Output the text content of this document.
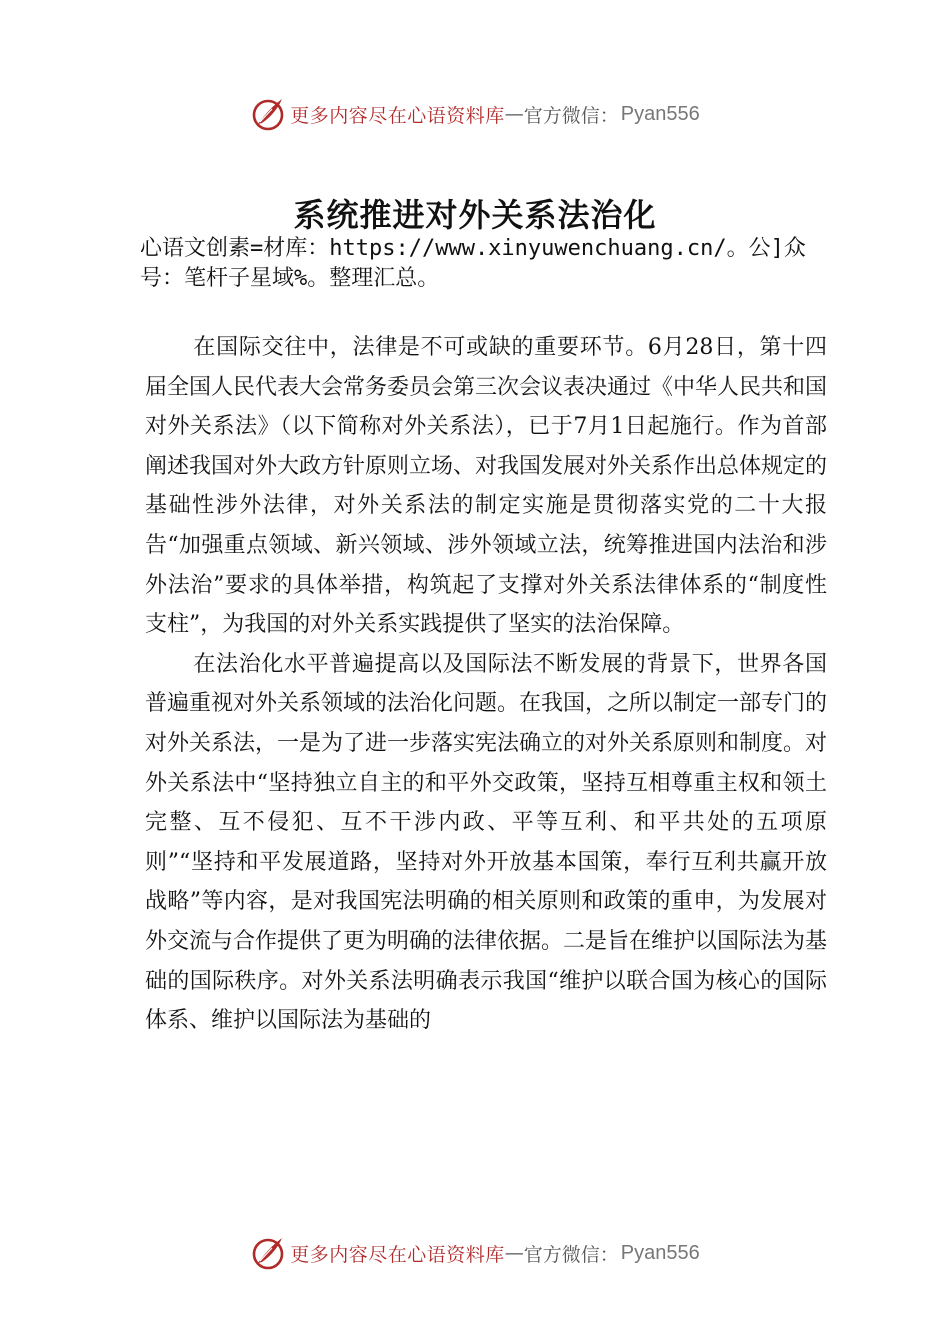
更多内容尽在心语资料库 — 官方微信： Pyan556
系统推进对外关系法治化

心语文创素=材库：https://www.xinyuwenchuang.cn/。公]众号：笔杆子星域%。整理汇总。

在国际交往中，法律是不可或缺的重要环节。6月28日，第十四届全国人民代表大会常务委员会第三次会议表决通过《中华人民共和国对外关系法》（以下简称对外关系法），已于7月1日起施行。作为首部阐述我国对外大政方针原则立场、对我国发展对外关系作出总体规定的基础性涉外法律，对外关系法的制定实施是贯彻落实党的二十大报告“加强重点领域、新兴领域、涉外领域立法，统筹推进国内法治和涉外法治”要求的具体举措，构筑起了支撑对外关系法律体系的“制度性支柱”，为我国的对外关系实践提供了坚实的法治保障。

在法治化水平普遍提高以及国际法不断发展的背景下，世界各国普遍重视对外关系领域的法治化问题。在我国，之所以制定一部专门的对外关系法，一是为了进一步落实宪法确立的对外关系原则和制度。对外关系法中“坚持独立自主的和平外交政策，坚持互相尊重主权和领土完整、互不侵犯、互不干涉内政、平等互利、和平共处的五项原则”“坚持和平发展道路，坚持对外开放基本国策，奉行互利共赢开放战略”等内容，是对我国宪法明确的相关原则和政策的重申，为发展对外交流与合作提供了更为明确的法律依据。二是旨在维护以国际法为基础的国际秩序。对外关系法明确表示我国“维护以联合国为核心的国际体系、维护以国际法为基础的

更多内容尽在心语资料库 — 官方微信： Pyan556
